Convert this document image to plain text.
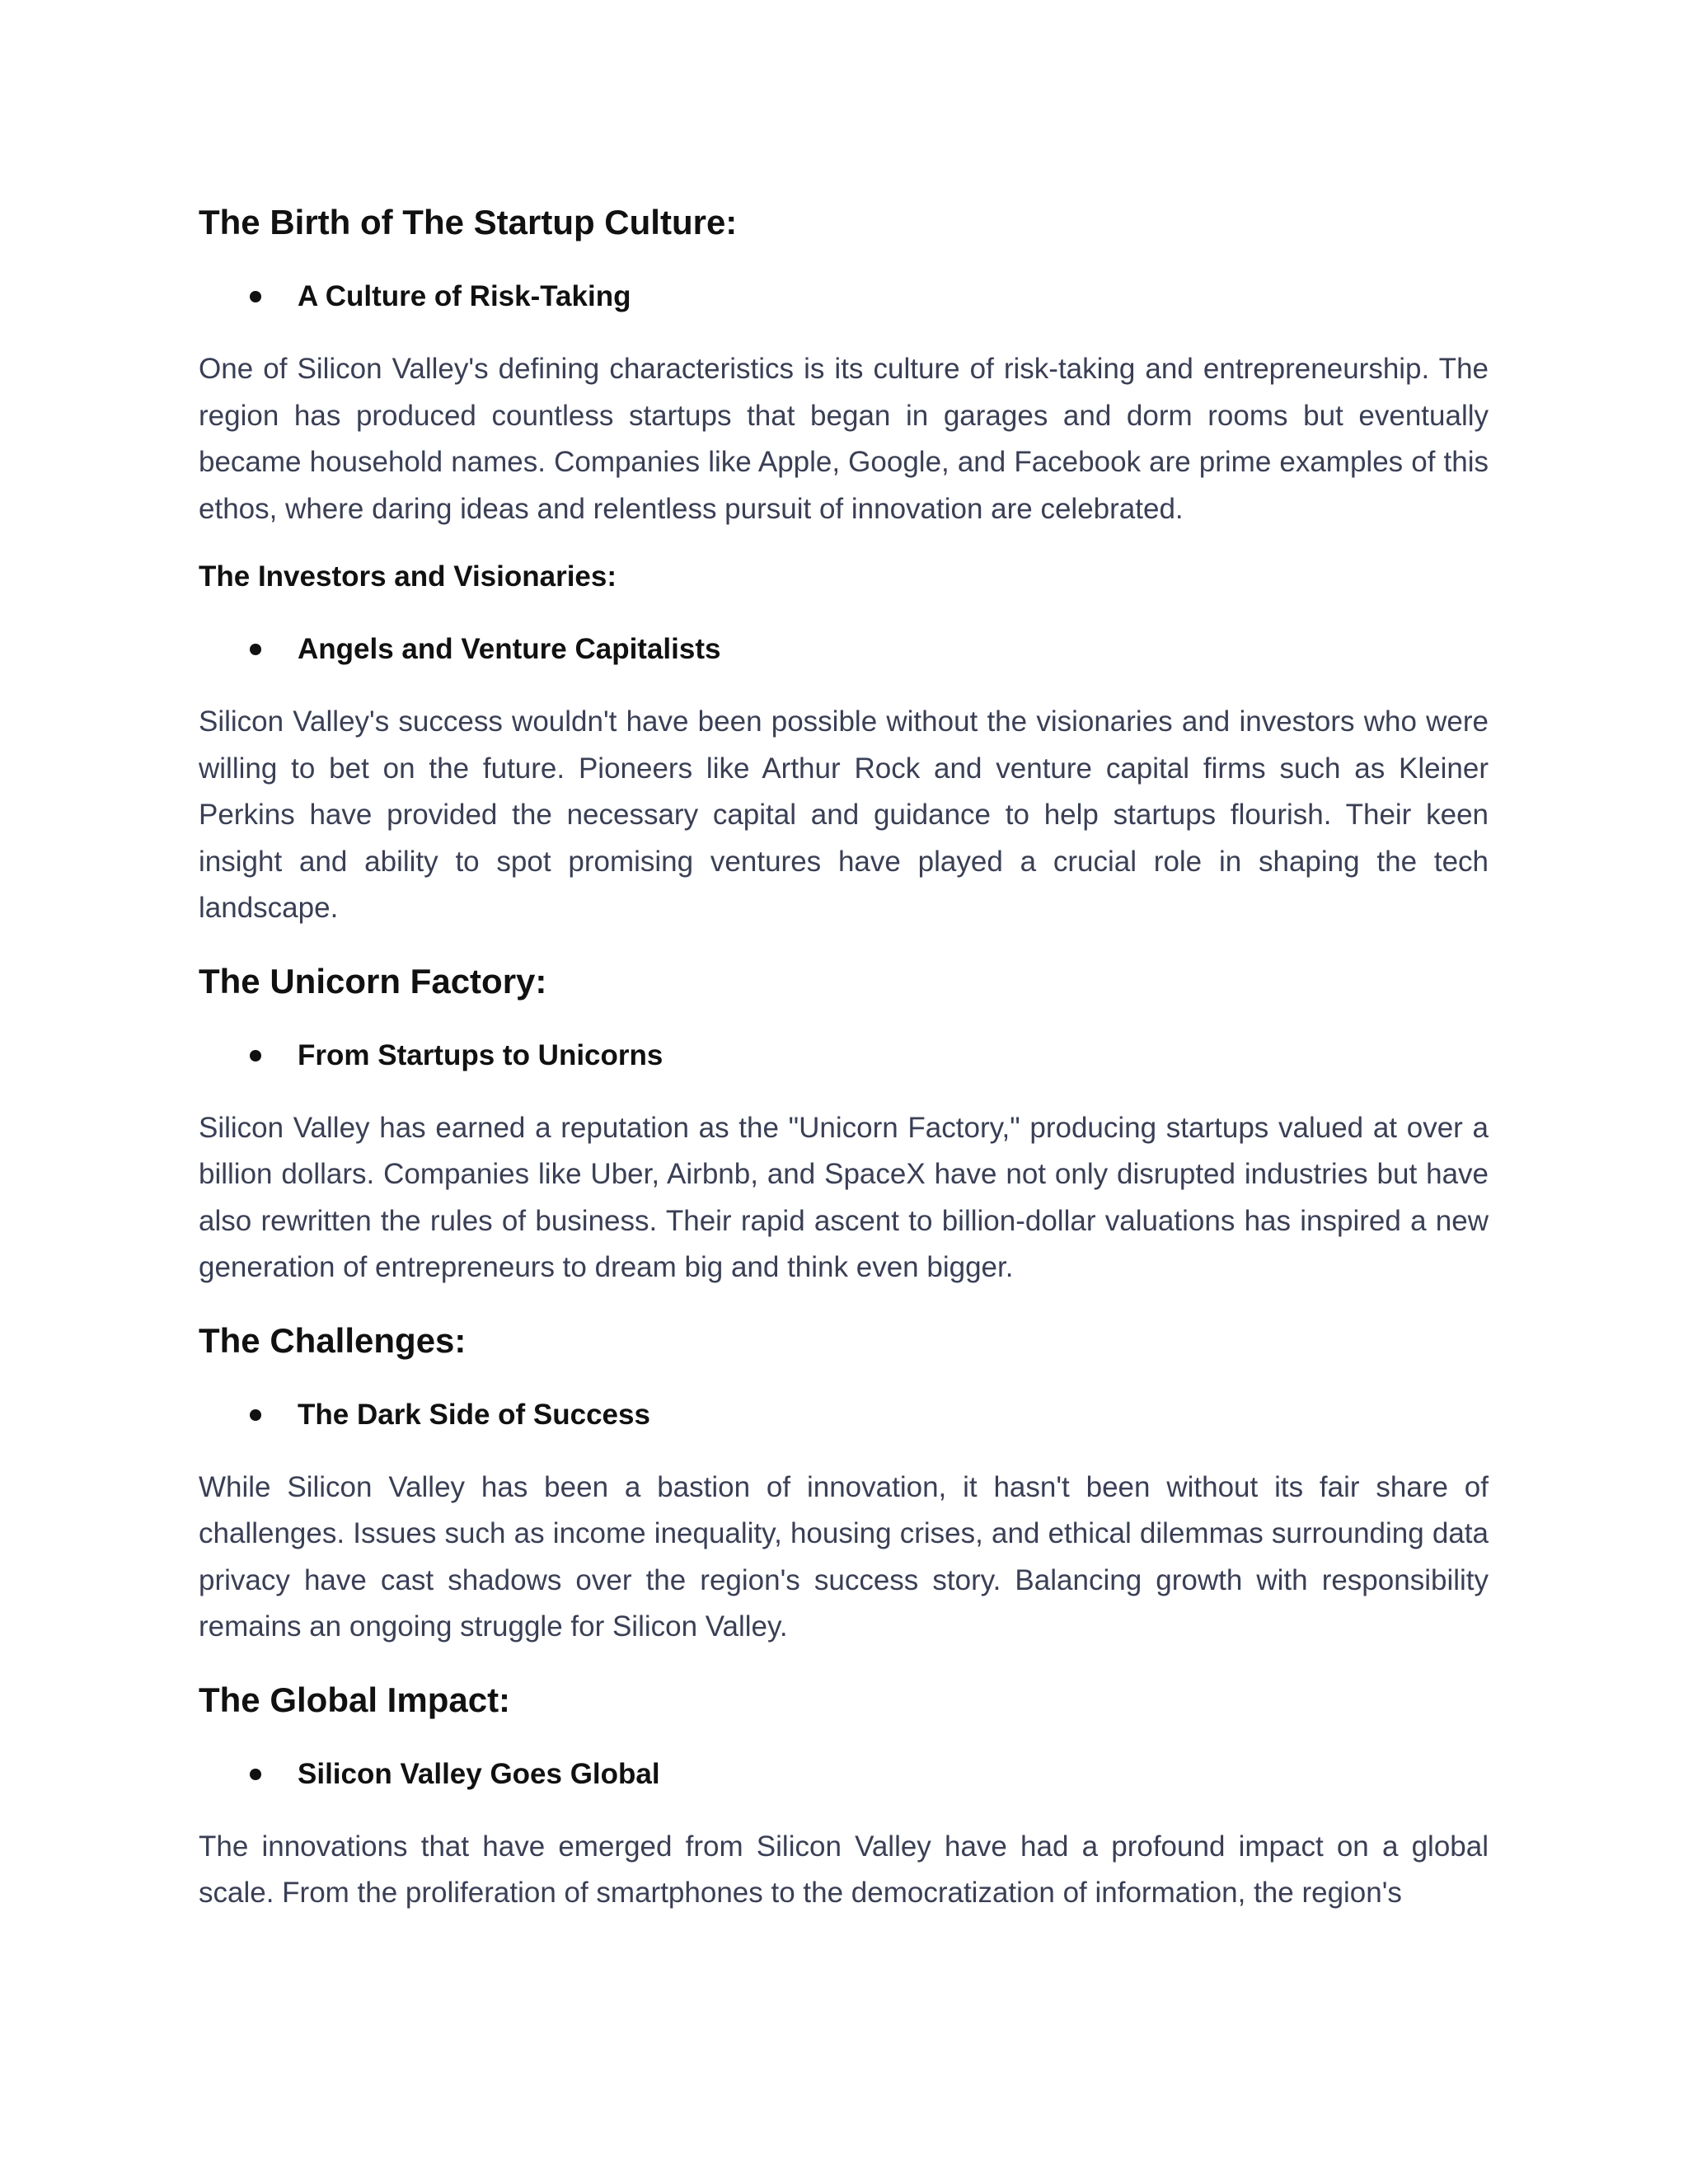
The Birth of The Startup Culture:
A Culture of Risk-Taking

One of Silicon Valley's defining characteristics is its culture of risk-taking and entrepreneurship. The region has produced countless startups that began in garages and dorm rooms but eventually became household names. Companies like Apple, Google, and Facebook are prime examples of this ethos, where daring ideas and relentless pursuit of innovation are celebrated.

The Investors and Visionaries:
Angels and Venture Capitalists

Silicon Valley's success wouldn't have been possible without the visionaries and investors who were willing to bet on the future. Pioneers like Arthur Rock and venture capital firms such as Kleiner Perkins have provided the necessary capital and guidance to help startups flourish. Their keen insight and ability to spot promising ventures have played a crucial role in shaping the tech landscape.

The Unicorn Factory:
From Startups to Unicorns

Silicon Valley has earned a reputation as the "Unicorn Factory," producing startups valued at over a billion dollars. Companies like Uber, Airbnb, and SpaceX have not only disrupted industries but have also rewritten the rules of business. Their rapid ascent to billion-dollar valuations has inspired a new generation of entrepreneurs to dream big and think even bigger.

The Challenges:
The Dark Side of Success

While Silicon Valley has been a bastion of innovation, it hasn't been without its fair share of challenges. Issues such as income inequality, housing crises, and ethical dilemmas surrounding data privacy have cast shadows over the region's success story. Balancing growth with responsibility remains an ongoing struggle for Silicon Valley.

The Global Impact:
Silicon Valley Goes Global

The innovations that have emerged from Silicon Valley have had a profound impact on a global scale. From the proliferation of smartphones to the democratization of information, the region's
